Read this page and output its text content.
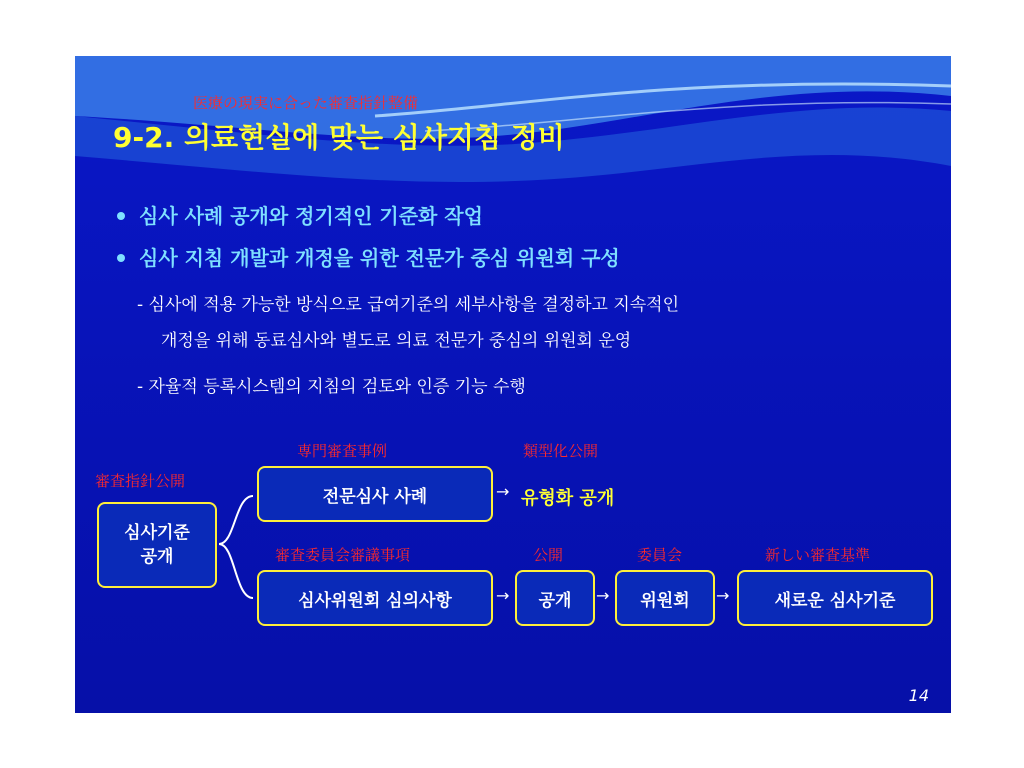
医療の現実に合った審査指針整備
9-2. 의료현실에 맞는 심사지침 정비
심사 사례 공개와 정기적인 기준화 작업
심사 지침 개발과 개정을 위한 전문가 중심 위원회 구성
- 심사에 적용 가능한 방식으로 급여기준의 세부사항을 결정하고 지속적인
개정을 위해 동료심사와 별도로 의료 전문가 중심의 위원회 운영
- 자율적 등록시스템의 지침의 검토와 인증 기능 수행
審査指針公開
심사기준
공개
専門審査事例
전문심사 사례	→
類型化公開
유형화 공개
審査委員会審議事項
심사위원회 심의사항	→
公開
공개	→
委員会
위원회	→
新しい審査基準
새로운 심사기준
14
